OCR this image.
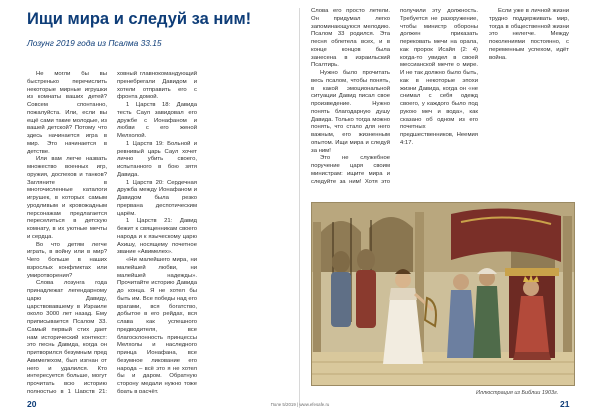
Ищи мира и следуй за ним!
Лозунг 2019 года из Псалма 33.15

Не могли бы вы быстренько перечислить некоторые мирные игрушки из комнаты ваших детей? Совсем спонтанно, пожалуйста. Или, если вы ещё сами такие молодые, из вашей детской? Потому что здесь начинается игра в мир. Это начинается в детстве.

Или вам легче назвать множество военных игр, оружия, доспехов и танков? Загляните в многочисленные каталоги игрушек, в которых самым уродливым и кровожадным персонажам предлагается переселиться в детскую комнату, в их уютные мечты и сердца.

Во что детям легче играть, в войну или в мир? Чего больше в наших взрослых конфликтах или умиротворения?

Слова лозунга года принадлежат легендарному царю Давиду, царствовавшему в Израиле около 3000 лет назад. Ему приписывается Псалом 33. Самый первый стих дает нам исторический контекст: это песнь Давида, когда он притворился безумным пред Авимелехом, был изгнан от него и удалился. Кто интересуется больше, могут прочитать всю историю полностью в 1 Царств 21:

ховный главнокомандующий пренебрегали Давидом и хотели отправить его с фронта домой.

1 Царств 18: Давида тесть Саул завидовал его дружбе с Ионафаном и любви с его женой Мелхолой.

1 Царств 19: Больной и ревнивый царь Саул хочет лично убить своего, испытанного в бою зятя Давида.

1 Царств 20: Сердечная дружба между Ионафаном и Давидом была резко прервана деспотическим царём.

1 Царств 21: Давид бежит к священникам своего народа и к языческому царю Ахишу, носящему почетное звание «Авимелех».

«Ни малейшего мира, ни малейшей любви, ни малейшей надежды». Прочитайте историю Давида до конца. Я не хотел бы быть им. Все победы над его врагами, вся богатство, добытое в его рейдах, вся слава как успешного предводителя, все благосклонность принцессы Мелхолы и наследного принца Ионафана, все безумное ликование его народа – всё это я не хотел бы и даром. Обратную сторону медали нужно тоже брать в расчёт.

Слова его просто летели. Он придумал легко запоминающуюся мелодию. Псалом 33 родился. Эта песня облетела всех, и в конце концов была занесена в израильский Псалтирь.

Нужно было прочитать весь псалом, чтобы понять, в какой эмоциональной ситуации Давид писал свое произведение. Нужно понять благодарную душу Давида. Только тогда можно понять, что стало для него важным, его жизненным опытом. Ищи мира и следуй за ним!

Это не служебное поручение царя своим министрам: ищите мира и следуйте за ним! Хотя это

получили эту должность. Требуется не разоружение, чтобы министр обороны должен приказать перековать мечи на орала, как пророк Исайя (2: 4) когда-то увидел в своей мессианской мечте о мире. И не так должно было быть, как в некоторые эпохи жизни Давида, когда он «не снимал с себя одежд своего, у каждого было под рукою меч и вода», как сказано об одном из его почетных предшественников, Неемия 4:17.

Если уже в личной жизни трудно поддерживать мир, тогда в общественной жизни это нелегче. Между поколениями постоянно, с переменным успехом, идёт война.

Иллюстрация из Библии 1903г.
20	Поле 5/2019 | www.efesafe.ru	21
